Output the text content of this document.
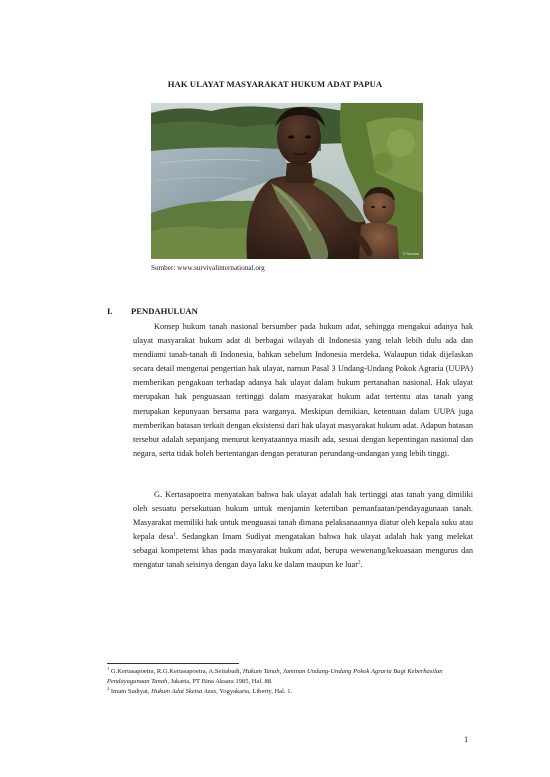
HAK ULAYAT MASYARAKAT HUKUM ADAT PAPUA
© Survival
Sumber: www.survivalinternational.org
I. PENDAHULUAN

Konsep hukum tanah nasional bersumber pada hukum adat, sehingga mengakui adanya hak ulayat masyarakat hukum adat di berbagai wilayah di Indonesia yang telah lebih dulu ada dan mendiami tanah-tanah di Indonesia, bahkan sebelum Indonesia merdeka. Walaupun tidak dijelaskan secara detail mengenai pengertian hak ulayat, namun Pasal 3 Undang-Undang Pokok Agraria (UUPA) memberikan pengakuan terhadap adanya hak ulayat dalam hukum pertanahan nasional. Hak ulayat merupakan hak penguasaan tertinggi dalam masyarakat hukum adat tertentu atas tanah yang merupakan kepunyaan bersama para warganya. Meskipun demikian, ketentuan dalam UUPA juga memberikan batasan terkait dengan eksistensi dari hak ulayat masyarakat hukum adat. Adapun batasan tersebut adalah sepanjang menurut kenyataannya masih ada, sesuai dengan kepentingan nasional dan negara, serta tidak boleh bertentangan dengan peraturan perundang-undangan yang lebih tinggi.

G. Kertasapoetra menyatakan bahwa hak ulayat adalah hak tertinggi atas tanah yang dimiliki oleh sesuatu persekutuan hukum untuk menjamin ketertiban pemanfaatan/pendayagunaan tanah. Masyarakat memiliki hak untuk menguasai tanah dimana pelaksanaannya diatur oleh kepala suku atau kepala desa$^1$. Sedangkan Imam Sudiyat mengatakan bahwa hak ulayat adalah hak yang melekat sebagai kompetensi khas pada masyarakat hukum adat, berupa wewenang/kekuasaan mengurus dan mengatur tanah seisinya dengan daya laku ke dalam maupun ke luar$^2$.

$^1$ G.Kertasapoetra, R.G.Kertasapoetra, A.Setiabudi, Hukum Tanah, Jaminan Undang-Undang Pokok Agraria Bagi Keberhasilan Pendayagunaan Tanah, Jakarta, PT Bina Aksara 1985, Hal. 88.

$^2$ Imam Sudiyat, Hukum Adat Sketsa Azas, Yogyakarta, Liberty, Hal. 1.

1
